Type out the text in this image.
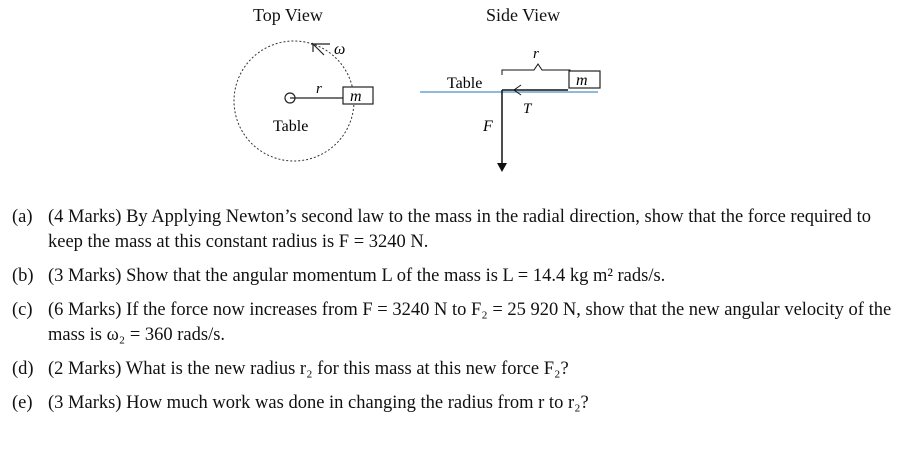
Top View	Side View
r m
ω
Table
Table
F
T
r
m
(a) (4 Marks) By Applying Newton’s second law to the mass in the radial direction, show that the force required to keep the mass at this constant radius is F = 3240 N.
(b) (3 Marks) Show that the angular momentum L of the mass is L = 14.4 kg m² rads/s.
(c) (6 Marks) If the force now increases from F = 3240 N to F₂ = 25 920 N, show that the new angular velocity of the mass is ω₂ = 360 rads/s.
(d) (2 Marks) What is the new radius r₂ for this mass at this new force F₂?
(e) (3 Marks) How much work was done in changing the radius from r to r₂?
